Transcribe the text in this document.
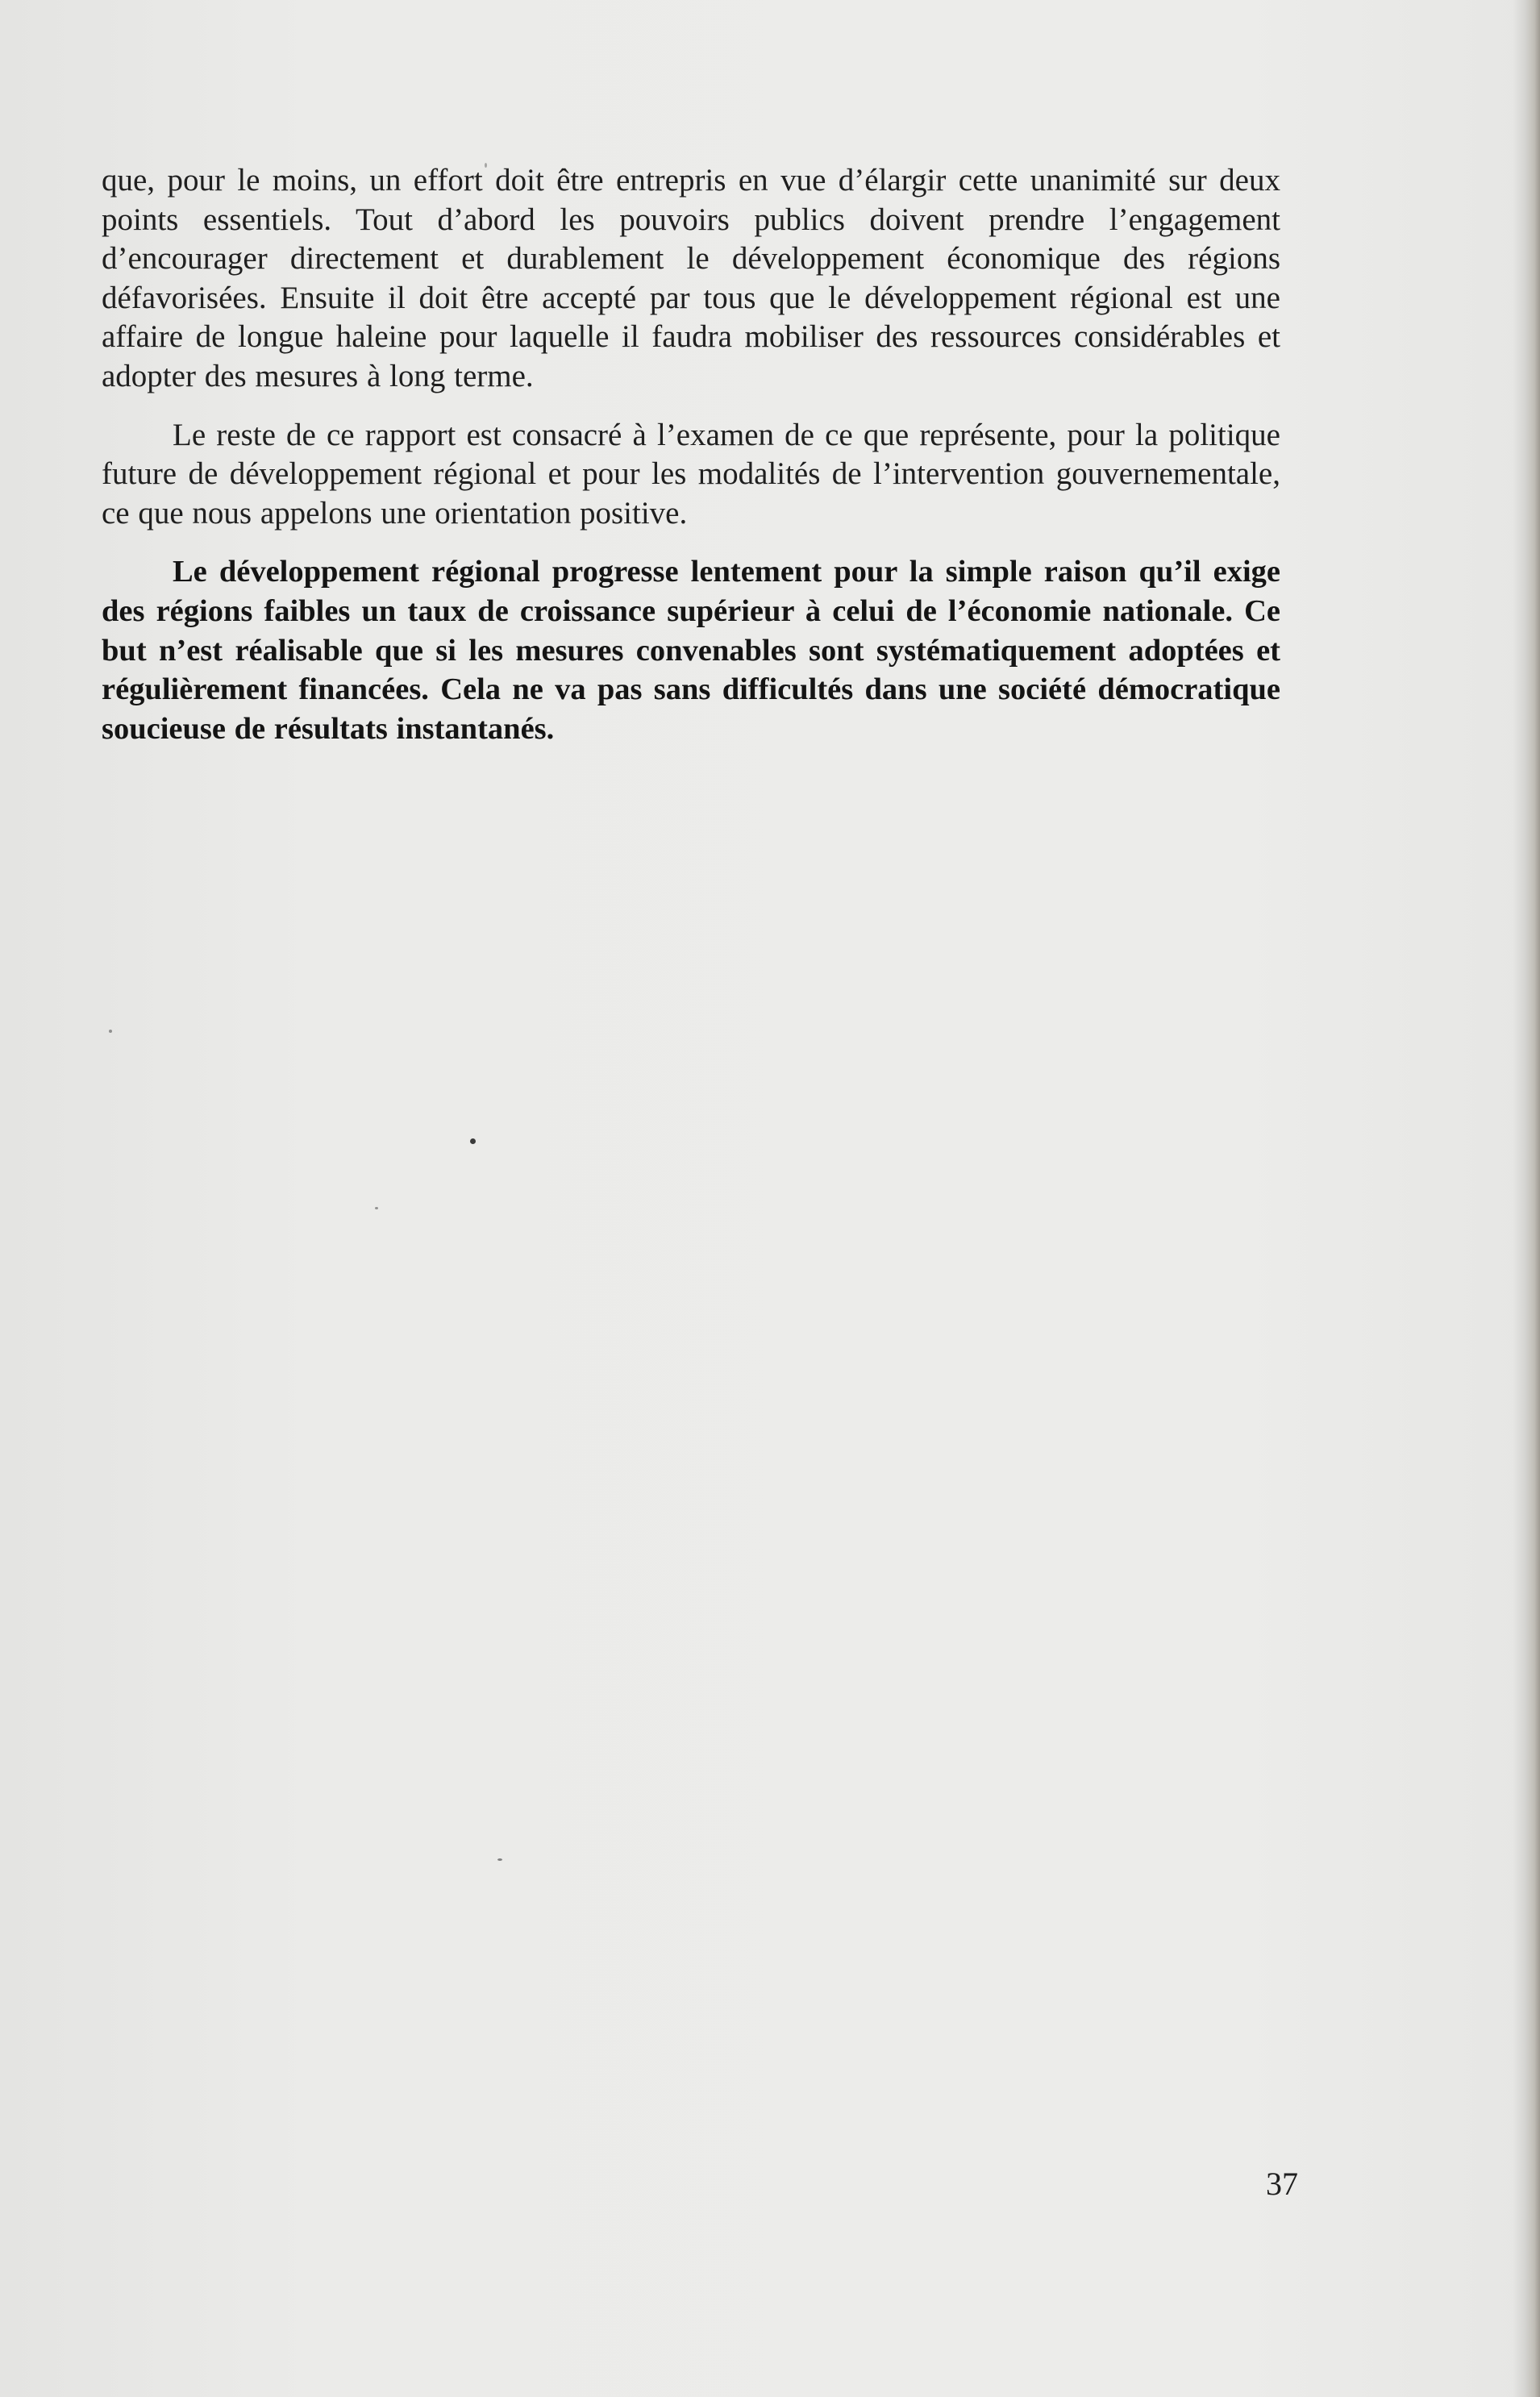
que, pour le moins, un effort doit être entrepris en vue d’élargir cette unanimité sur deux points essentiels. Tout d’abord les pouvoirs publics doivent prendre l’engagement d’encourager directement et durablement le développement économique des régions défavorisées. Ensuite il doit être accepté par tous que le développement régional est une affaire de longue haleine pour laquelle il faudra mobiliser des ressources considérables et adopter des mesures à long terme.

Le reste de ce rapport est consacré à l’examen de ce que représente, pour la politique future de développement régional et pour les modalités de l’intervention gouvernementale, ce que nous appelons une orientation positive.

Le développement régional progresse lentement pour la simple raison qu’il exige des régions faibles un taux de croissance supérieur à celui de l’économie nationale. Ce but n’est réalisable que si les mesures convenables sont systématiquement adoptées et régulièrement financées. Cela ne va pas sans difficultés dans une société démocratique soucieuse de résultats instantanés.

37
